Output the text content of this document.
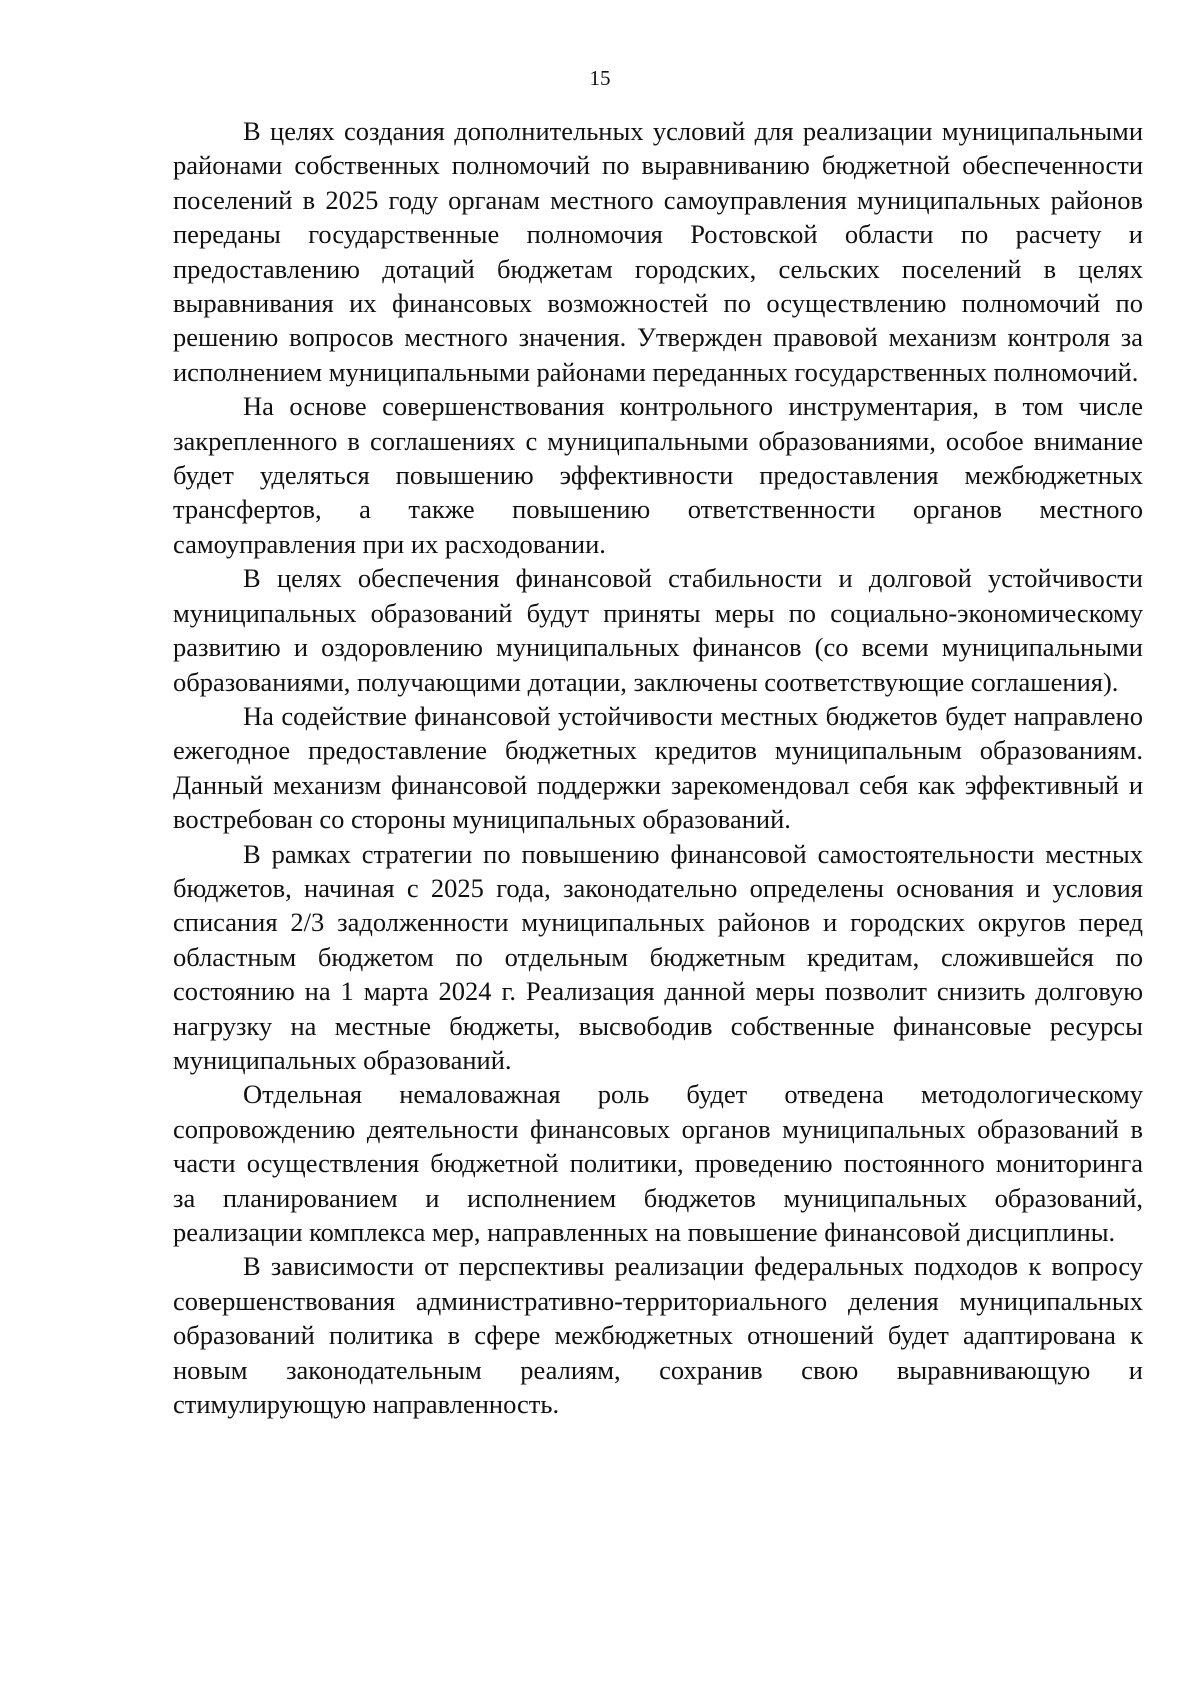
15

В целях создания дополнительных условий для реализации муниципальными районами собственных полномочий по выравниванию бюджетной обеспеченности поселений в 2025 году органам местного самоуправления муниципальных районов переданы государственные полномочия Ростовской области по расчету и предоставлению дотаций бюджетам городских, сельских поселений в целях выравнивания их финансовых возможностей по осуществлению полномочий по решению вопросов местного значения. Утвержден правовой механизм контроля за исполнением муниципальными районами переданных государственных полномочий.

На основе совершенствования контрольного инструментария, в том числе закрепленного в соглашениях с муниципальными образованиями, особое внимание будет уделяться повышению эффективности предоставления межбюджетных трансфертов, а также повышению ответственности органов местного самоуправления при их расходовании.

В целях обеспечения финансовой стабильности и долговой устойчивости муниципальных образований будут приняты меры по социально-экономическому развитию и оздоровлению муниципальных финансов (со всеми муниципальными образованиями, получающими дотации, заключены соответствующие соглашения).

На содействие финансовой устойчивости местных бюджетов будет направлено ежегодное предоставление бюджетных кредитов муниципальным образованиям. Данный механизм финансовой поддержки зарекомендовал себя как эффективный и востребован со стороны муниципальных образований.

В рамках стратегии по повышению финансовой самостоятельности местных бюджетов, начиная с 2025 года, законодательно определены основания и условия списания 2/3 задолженности муниципальных районов и городских округов перед областным бюджетом по отдельным бюджетным кредитам, сложившейся по состоянию на 1 марта 2024 г. Реализация данной меры позволит снизить долговую нагрузку на местные бюджеты, высвободив собственные финансовые ресурсы муниципальных образований.

Отдельная немаловажная роль будет отведена методологическому сопровождению деятельности финансовых органов муниципальных образований в части осуществления бюджетной политики, проведению постоянного мониторинга за планированием и исполнением бюджетов муниципальных образований, реализации комплекса мер, направленных на повышение финансовой дисциплины.

В зависимости от перспективы реализации федеральных подходов к вопросу совершенствования административно-территориального деления муниципальных образований политика в сфере межбюджетных отношений будет адаптирована к новым законодательным реалиям, сохранив свою выравнивающую и стимулирующую направленность.
